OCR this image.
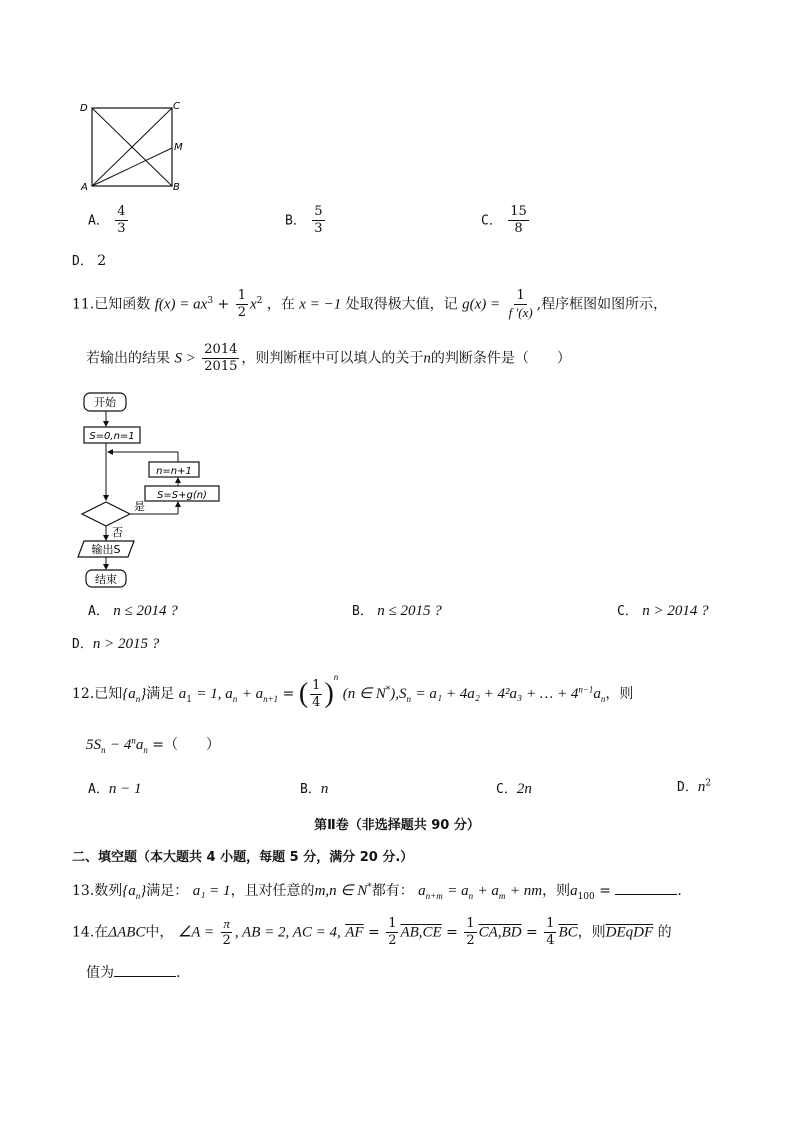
D	C
M
A	B
A． $\frac{4}{3}$	B． $\frac{5}{3}$	C． $\frac{15}{8}$
D． 2
11.已知函数 $f(x) = ax^3 + \frac{1}{2} x^2$ ，在 x = −1 处取得极大值，记 $g(x) = \frac{1}{f '(x)}$ ,程序框图如图所示，
若输出的结果 $S > \frac{2014}{2015}$ ，则判断框中可以填人的关于n的判断条件是（　　）
开始
S=0,n=1
n=n+1
S=S+g(n)
是
否
输出S
结束
A． n ≤ 2014 ?	B． n ≤ 2015 ?	C． n > 2014 ?
D．n > 2015 ?
12.已知$\{a_n\}$满足 $a_1 = 1$, $a_n + a_{n+1}$ = ( $\frac{1}{4} )^n$ (n ∈ $N^*),S_n = a_1 + 4a_2 + 4^2a_3$ + … + $4^{n-1}a_n$，则
$5S_n - 4^na_n$ =（　　）
A．n − 1	B．n	C．2n	D．$n^2$
第Ⅱ卷（非选择题共 90 分）
二、填空题（本大题共 4 小题，每题 5 分，满分 20 分.）
13.数列$\{a_n\}$满足： a₁ = 1，且对任意的m,n ∈ N*都有： $a_{n+m} = a_n + a_m$ + nm，则$a_{100}$ =	.
14.在ΔABC中， ∠A = $\frac{\pi}{2}$ , AB = 2, AC = 4, $\overline{AF} = \frac{1}{2} AB,\overline{CE} = \frac{1}{2} CA,\overline{BD} = \frac{1}{4} \overline{BC}$，则DEqDF 的
值为	.
